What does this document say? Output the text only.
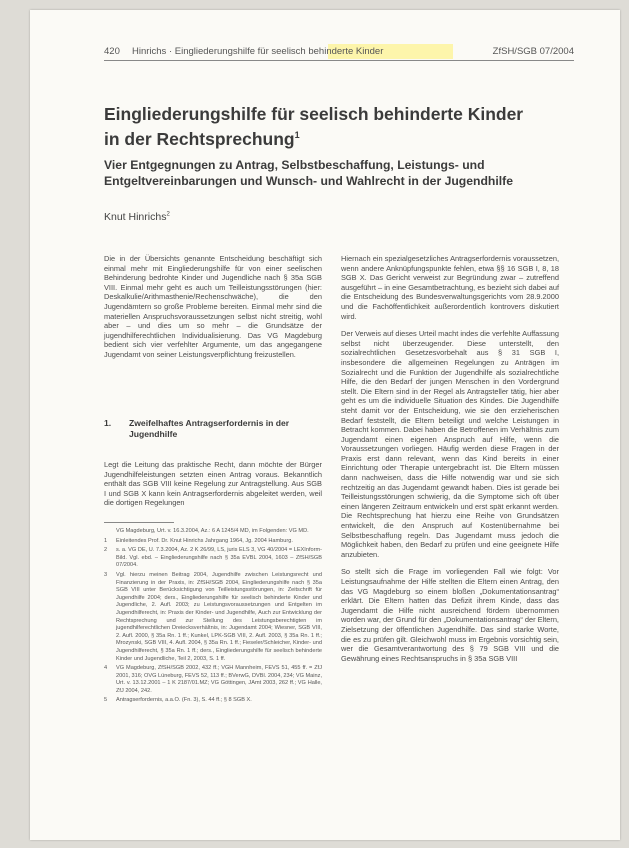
420 Hinrichs · Eingliederungshilfe für seelisch behinderte Kinder	ZfSH/SGB 07/2004
Eingliederungshilfe für seelisch behinderte Kinder
in der Rechtsprechung$^1$
Vier Entgegnungen zu Antrag, Selbstbeschaffung, Leistungs- und
Entgeltvereinbarungen und Wunsch- und Wahlrecht in der Jugendhilfe

Knut Hinrichs$^2$

Die in der Übersichts genannte Entscheidung beschäftigt sich einmal mehr mit Eingliederungshilfe für von einer seelischen Behinderung bedrohte Kinder und Jugendliche nach § 35a SGB VIII. Einmal mehr geht es auch um Teilleistungsstörungen (hier: Deskalkulie/Arithmasthenie/Rechenschwäche), die den Jugendämtern so große Probleme bereiten. Einmal mehr sind die materiellen Anspruchsvoraussetzungen selbst nicht streitig, wohl aber – und dies um so mehr – die Grundsätze der jugendhilferechtlichen Individualisierung. Das VG Magdeburg bedient sich vier verfehlter Argumente, um das angegangene Jugendamt von seiner Leistungsverpflichtung freizustellen.

1. Zweifelhaftes Antragserfordernis in der Jugendhilfe

Legt die Leitung das praktische Recht, dann möchte der Bürger Jugendhilfeleistungen setzten einen Antrag voraus. Bekanntlich enthält das SGB VIII keine Regelung zur Antragstellung. Aus SGB I und SGB X kann kein Antragserfordernis abgeleitet werden, weil die dortigen Regelungen

VG Magdeburg, Urt. v. 16.3.2004, Az.: 6 A 1245/4 MD, im Folgenden: VG MD.
1 Einleitendes Prof. Dr. Knut Hinrichs Jahrgang 1964, Jg. 2004 Hamburg.
2 s. a. VG DE, U. 7.3.2004, Az. 2 K 26/99, LS, juris ELS 3, VG 40/2004 = LEXInform-Bild. Vgl. ebd. – Eingliederungshilfe nach § 35a EVBL 2004, 1603 – ZfSH/SGB 07/2004.
3 Vgl. hierzu meinen Beitrag 2004, Jugendhilfe zwischen Leistungsrecht und Finanzierung in der Praxis, in: ZfSH/SGB 2004, Eingliederungshilfe nach § 35a SGB VIII unter Berücksichtigung von Teilleistungsstörungen, in: Zeitschrift für Jugendhilfe 2004; ders., Eingliederungshilfe für seelisch behinderte Kinder und Jugendliche, 2. Aufl. 2003; zu Leistungsvoraussetzungen und Entgelten im Jugendhilferecht, in: Praxis der Kinder- und Jugendhilfe, Auch zur Entwicklung der Rechtsprechung und zur Stellung des Leistungsberechtigten im jugendhilferechtlichen Dreiecksverhältnis, in: Jugendamt 2004; Wiesner, SGB VIII, 2. Aufl. 2000, § 35a Rn. 1 ff.; Kunkel, LPK-SGB VIII, 2. Aufl. 2003, § 35a Rn. 1 ff.; Mrozynski, SGB VIII, 4. Aufl. 2004, § 35a Rn. 1 ff.; Fieseler/Schleicher, Kinder- und Jugendhilferecht, § 35a Rn. 1 ff.; ders., Eingliederungshilfe für seelisch behinderte Kinder und Jugendliche, Teil 2, 2003, S. 1 ff.
4 VG Magdeburg, ZfSH/SGB 2002, 432 ff.; VGH Mannheim, FEVS 51, 455 ff. = ZfJ 2001, 316; OVG Lüneburg, FEVS 52, 113 ff.; BVerwG, DVBl. 2004, 234; VG Mainz, Urt. v. 13.12.2001 – 1 K 2187/01.MZ; VG Göttingen, JAmt 2003, 262 ff.; VG Halle, ZfJ 2004, 242.
5 Antragserfordernis, a.a.O. (Fn. 3), S. 44 ff.; § 8 SGB X.

Hiernach ein spezialgesetzliches Antragserfordernis voraussetzen, wenn andere Anknüpfungspunkte fehlen, etwa §§ 16 SGB I, 8, 18 SGB X. Das Gericht verweist zur Begründung zwar – zutreffend ausgeführt – in eine Gesamtbetrachtung, es bezieht sich dabei auf die Entscheidung des Bundesverwaltungsgerichts vom 28.9.2000 und die Fachöffentlichkeit außerordentlich kontrovers diskutiert wird.

Der Verweis auf dieses Urteil macht indes die verfehlte Auffassung selbst nicht überzeugender. Diese unterstellt, den sozialrechtlichen Gesetzesvorbehalt aus § 31 SGB I, insbesondere die allgemeinen Regelungen zu Anträgen im Sozialrecht und die Funktion der Jugendhilfe als sozialrechtliche Hilfe, die den Bedarf der jungen Menschen in den Vordergrund stellt. Die Eltern sind in der Regel als Antragsteller tätig, hier aber geht es um die individuelle Situation des Kindes. Die Jugendhilfe steht damit vor der Entscheidung, wie sie den erzieherischen Bedarf feststellt, die Eltern beteiligt und welche Leistungen in Betracht kommen. Dabei haben die Betroffenen im Verhältnis zum Jugendamt einen eigenen Anspruch auf Hilfe, wenn die Voraussetzungen vorliegen. Häufig werden diese Fragen in der Praxis erst dann relevant, wenn das Kind bereits in einer Einrichtung oder Therapie untergebracht ist. Die Eltern müssen dann nachweisen, dass die Hilfe notwendig war und sie sich rechtzeitig an das Jugendamt gewandt haben. Dies ist gerade bei Teilleistungsstörungen schwierig, da die Symptome sich oft über einen längeren Zeitraum entwickeln und erst spät erkannt werden. Die Rechtsprechung hat hierzu eine Reihe von Grundsätzen entwickelt, die den Anspruch auf Kostenübernahme bei Selbstbeschaffung regeln. Das Jugendamt muss jedoch die Möglichkeit haben, den Bedarf zu prüfen und eine geeignete Hilfe anzubieten.

So stellt sich die Frage im vorliegenden Fall wie folgt: Vor Leistungsaufnahme der Hilfe stellten die Eltern einen Antrag, den das VG Magdeburg so einem bloßen „Dokumentationsantrag“ erklärt. Die Eltern hatten das Defizit ihrem Kinde, dass das Jugendamt die Hilfe nicht ausreichend fördern übernommen worden war, der Grund für den „Dokumentationsantrag“ der Eltern, Zielsetzung der öffentlichen Jugendhilfe. Das sind starke Worte, die es zu prüfen gilt. Gleichwohl muss im Ergebnis vorsichtig sein, wer die Gesamtverantwortung des § 79 SGB VIII und die Gewährung eines Rechtsanspruchs in § 35a SGB VIII
